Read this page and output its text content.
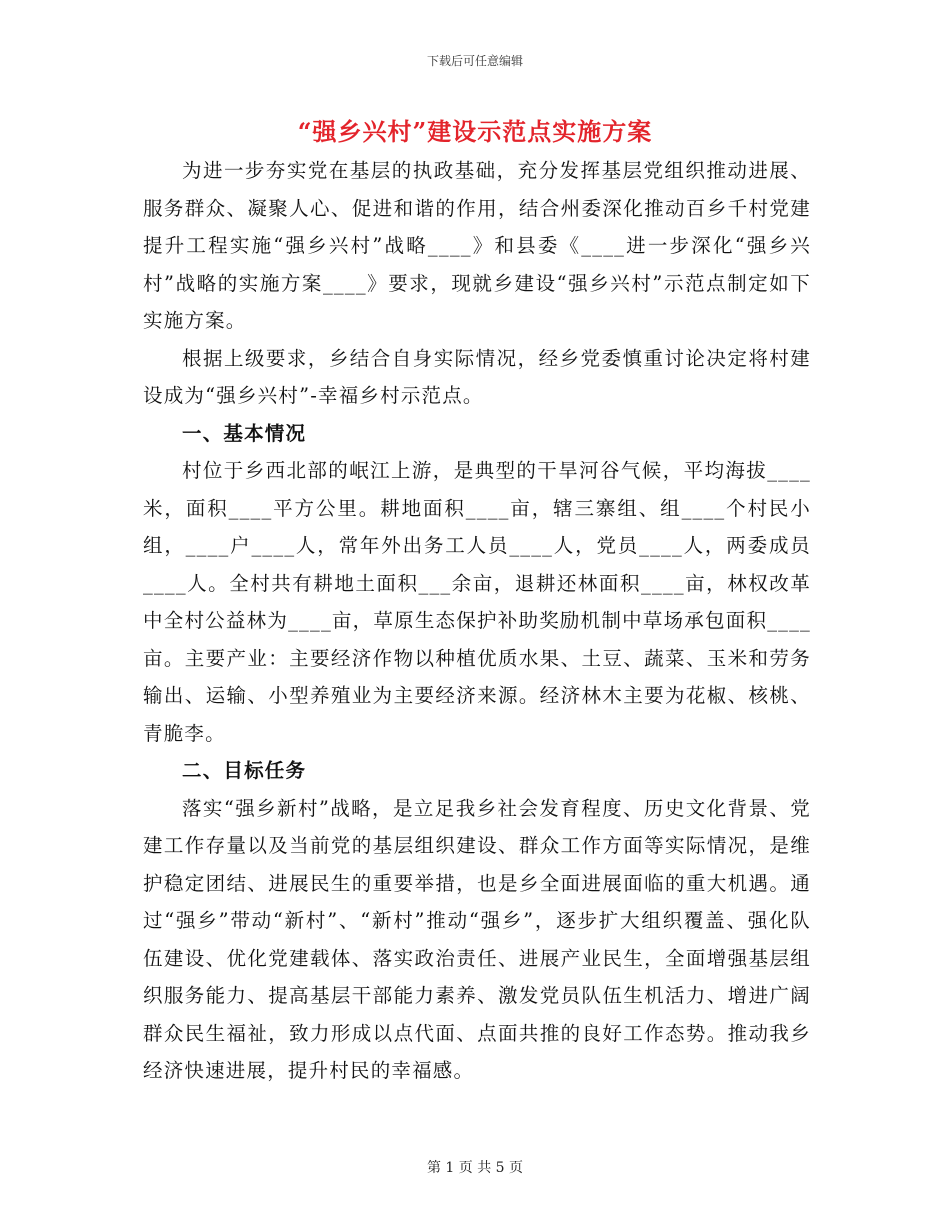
下载后可任意编辑
“强乡兴村”建设示范点实施方案

为进一步夯实党在基层的执政基础，充分发挥基层党组织推动进展、服务群众、凝聚人心、促进和谐的作用，结合州委深化推动百乡千村党建提升工程实施“强乡兴村”战略____》和县委《____进一步深化“强乡兴村”战略的实施方案____》要求，现就乡建设“强乡兴村”示范点制定如下实施方案。

根据上级要求，乡结合自身实际情况，经乡党委慎重讨论决定将村建设成为“强乡兴村”-幸福乡村示范点。

一、基本情况

村位于乡西北部的岷江上游，是典型的干旱河谷气候，平均海拔____米，面积____平方公里。耕地面积____亩，辖三寨组、组____个村民小组，____户____人，常年外出务工人员____人，党员____人，两委成员____人。全村共有耕地土面积___余亩，退耕还林面积____亩，林权改革中全村公益林为____亩，草原生态保护补助奖励机制中草场承包面积____亩。主要产业：主要经济作物以种植优质水果、土豆、蔬菜、玉米和劳务输出、运输、小型养殖业为主要经济来源。经济林木主要为花椒、核桃、青脆李。

二、目标任务

落实“强乡新村”战略，是立足我乡社会发育程度、历史文化背景、党建工作存量以及当前党的基层组织建设、群众工作方面等实际情况，是维护稳定团结、进展民生的重要举措，也是乡全面进展面临的重大机遇。通过“强乡”带动“新村”、“新村”推动“强乡”，逐步扩大组织覆盖、强化队伍建设、优化党建载体、落实政治责任、进展产业民生，全面增强基层组织服务能力、提高基层干部能力素养、激发党员队伍生机活力、增进广阔群众民生福祉，致力形成以点代面、点面共推的良好工作态势。推动我乡经济快速进展，提升村民的幸福感。

第 1 页 共 5 页
